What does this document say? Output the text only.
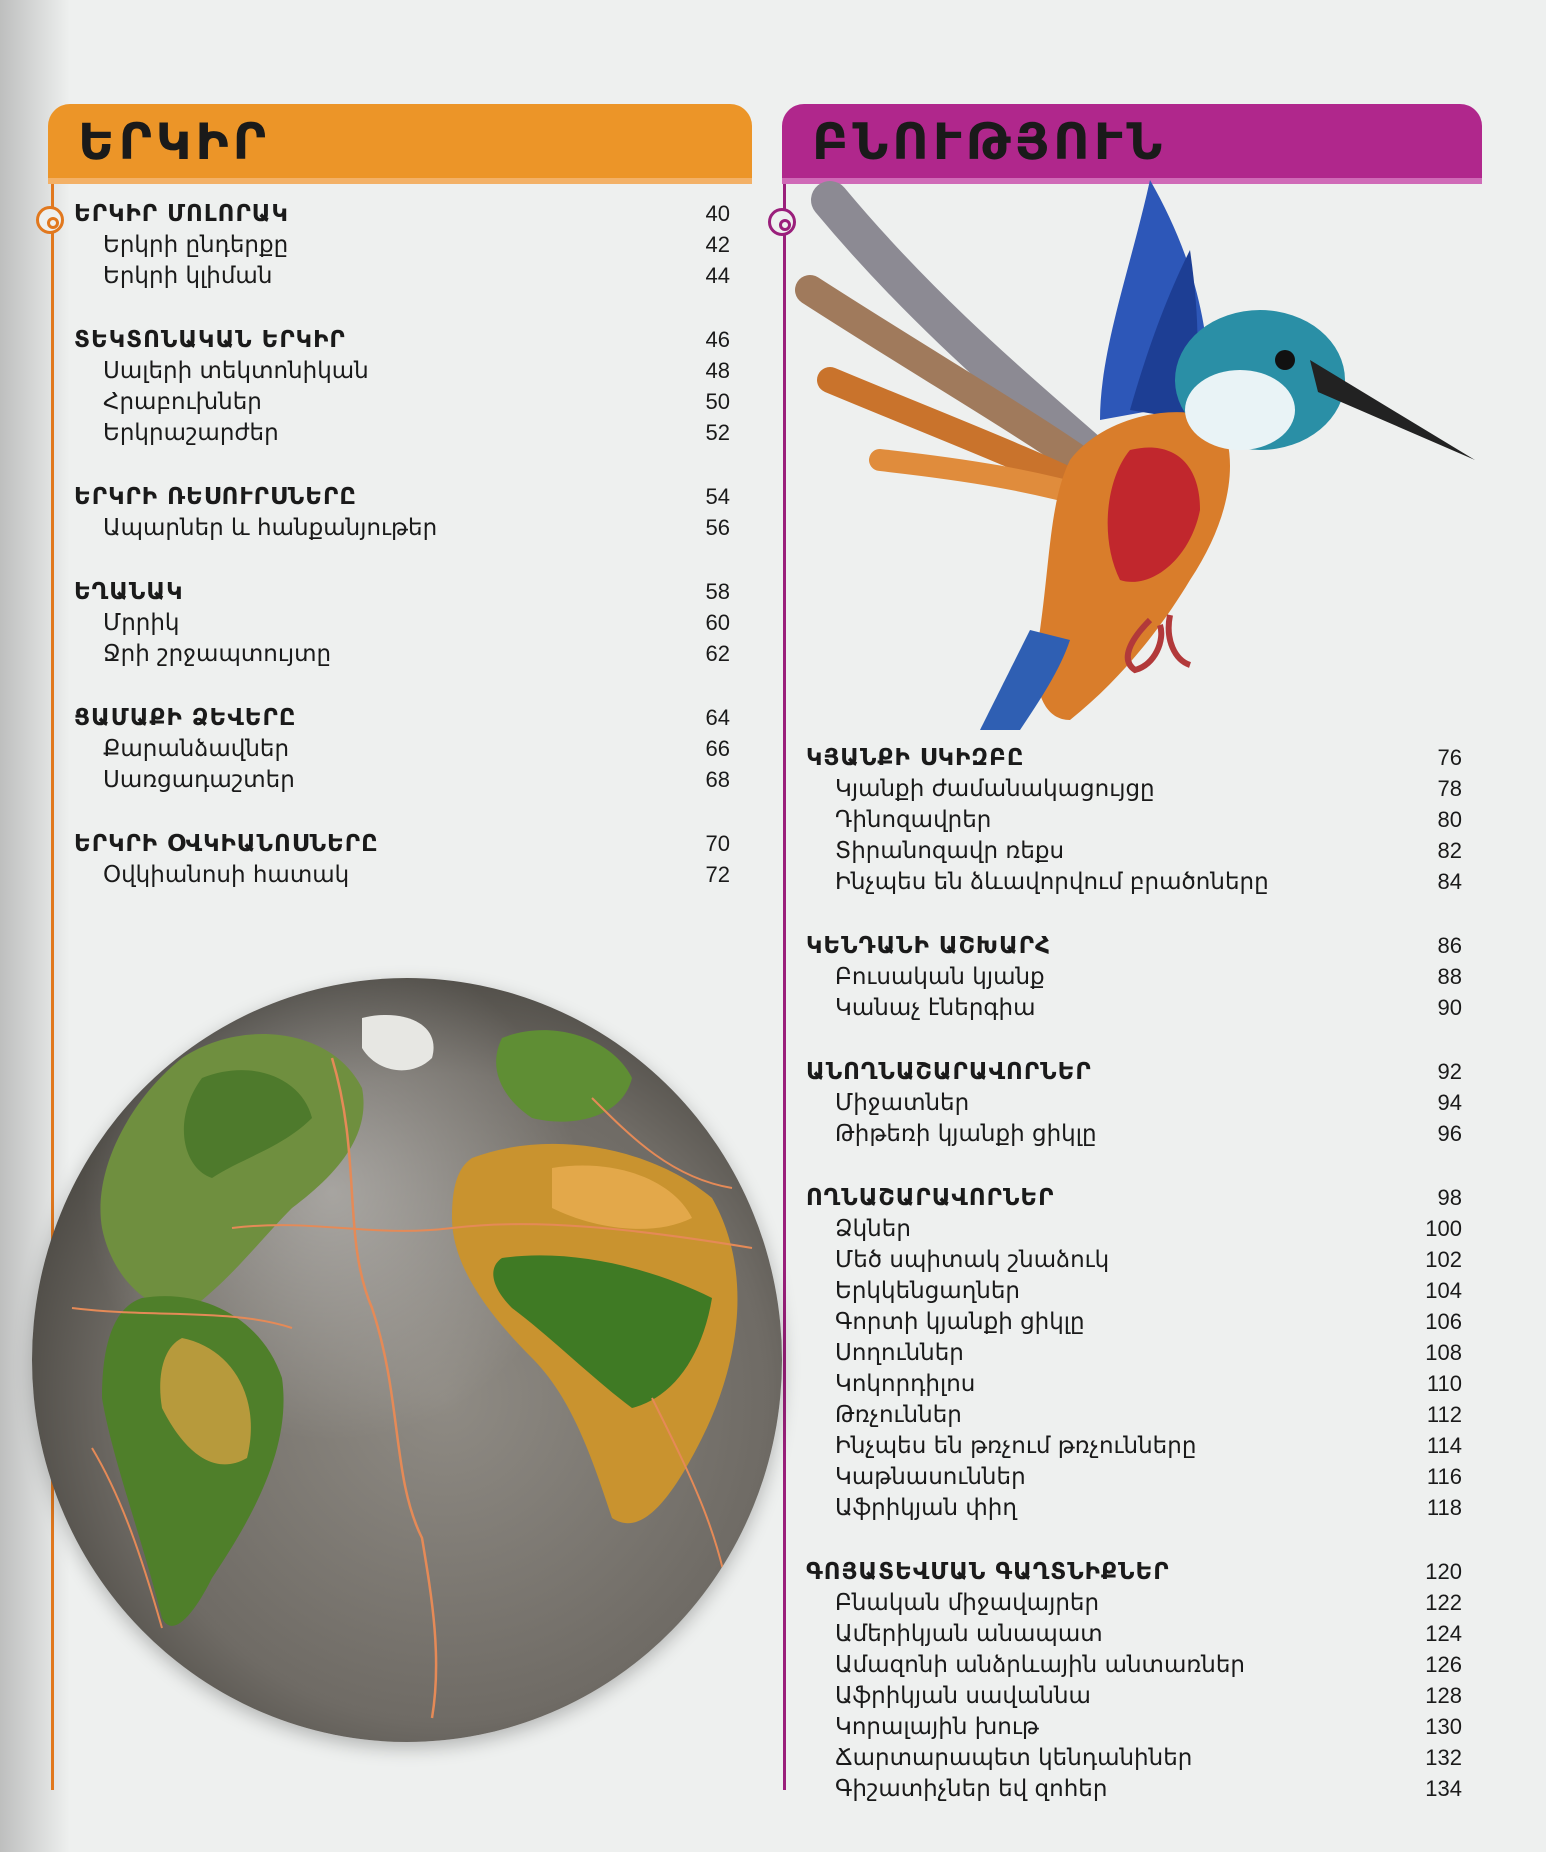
ԵՐԿԻՐ
ԵՐԿԻՐ ՄՈԼՈՐԱԿ	40
Երկրի ընդերքը	42
Երկրի կլիման	44
ՏԵԿՏՈՆԱԿԱՆ ԵՐԿԻՐ	46
Սալերի տեկտոնիկան	48
Հրաբուխներ	50
Երկրաշարժեր	52
ԵՐԿՐԻ ՌԵՍՈՒՐՍՆԵՐԸ	54
Ապարներ և հանքանյութեր	56
ԵՂԱՆԱԿ	58
Մրրիկ	60
Ջրի շրջապտույտը	62
ՑԱՄԱՔԻ ՁԵՎԵՐԸ	64
Քարանձավներ	66
Սառցադաշտեր	68
ԵՐԿՐԻ ՕՎԿԻԱՆՈՍՆԵՐԸ	70
Օվկիանոսի հատակ	72
ԲՆՈՒԹՅՈՒՆ
ԿՅԱՆՔԻ ՍԿԻԶԲԸ	76
Կյանքի ժամանակացույցը	78
Դինոզավրեր	80
Տիրանոզավր ռեքս	82
Ինչպես են ձևավորվում բրածոները	84
ԿԵՆԴԱՆԻ ԱՇԽԱՐՀ	86
Բուսական կյանք	88
Կանաչ էներգիա	90
ԱՆՈՂՆԱՇԱՐԱՎՈՐՆԵՐ	92
Միջատներ	94
Թիթեռի կյանքի ցիկլը	96
ՈՂՆԱՇԱՐԱՎՈՐՆԵՐ	98
Ձկներ	100
Մեծ սպիտակ շնաձուկ	102
Երկկենցաղներ	104
Գորտի կյանքի ցիկլը	106
Սողուններ	108
Կոկորդիլոս	110
Թռչուններ	112
Ինչպես են թռչում թռչունները	114
Կաթնասուններ	116
Աֆրիկյան փիղ	118
ԳՈՅԱՏԵՎՄԱՆ ԳԱՂՏՆԻՔՆԵՐ	120
Բնական միջավայրեր	122
Ամերիկյան անապատ	124
Ամազոնի անձրևային անտառներ	126
Աֆրիկյան սավաննա	128
Կորալային խութ	130
Ճարտարապետ կենդանիներ	132
Գիշատիչներ եվ զոհեր	134
